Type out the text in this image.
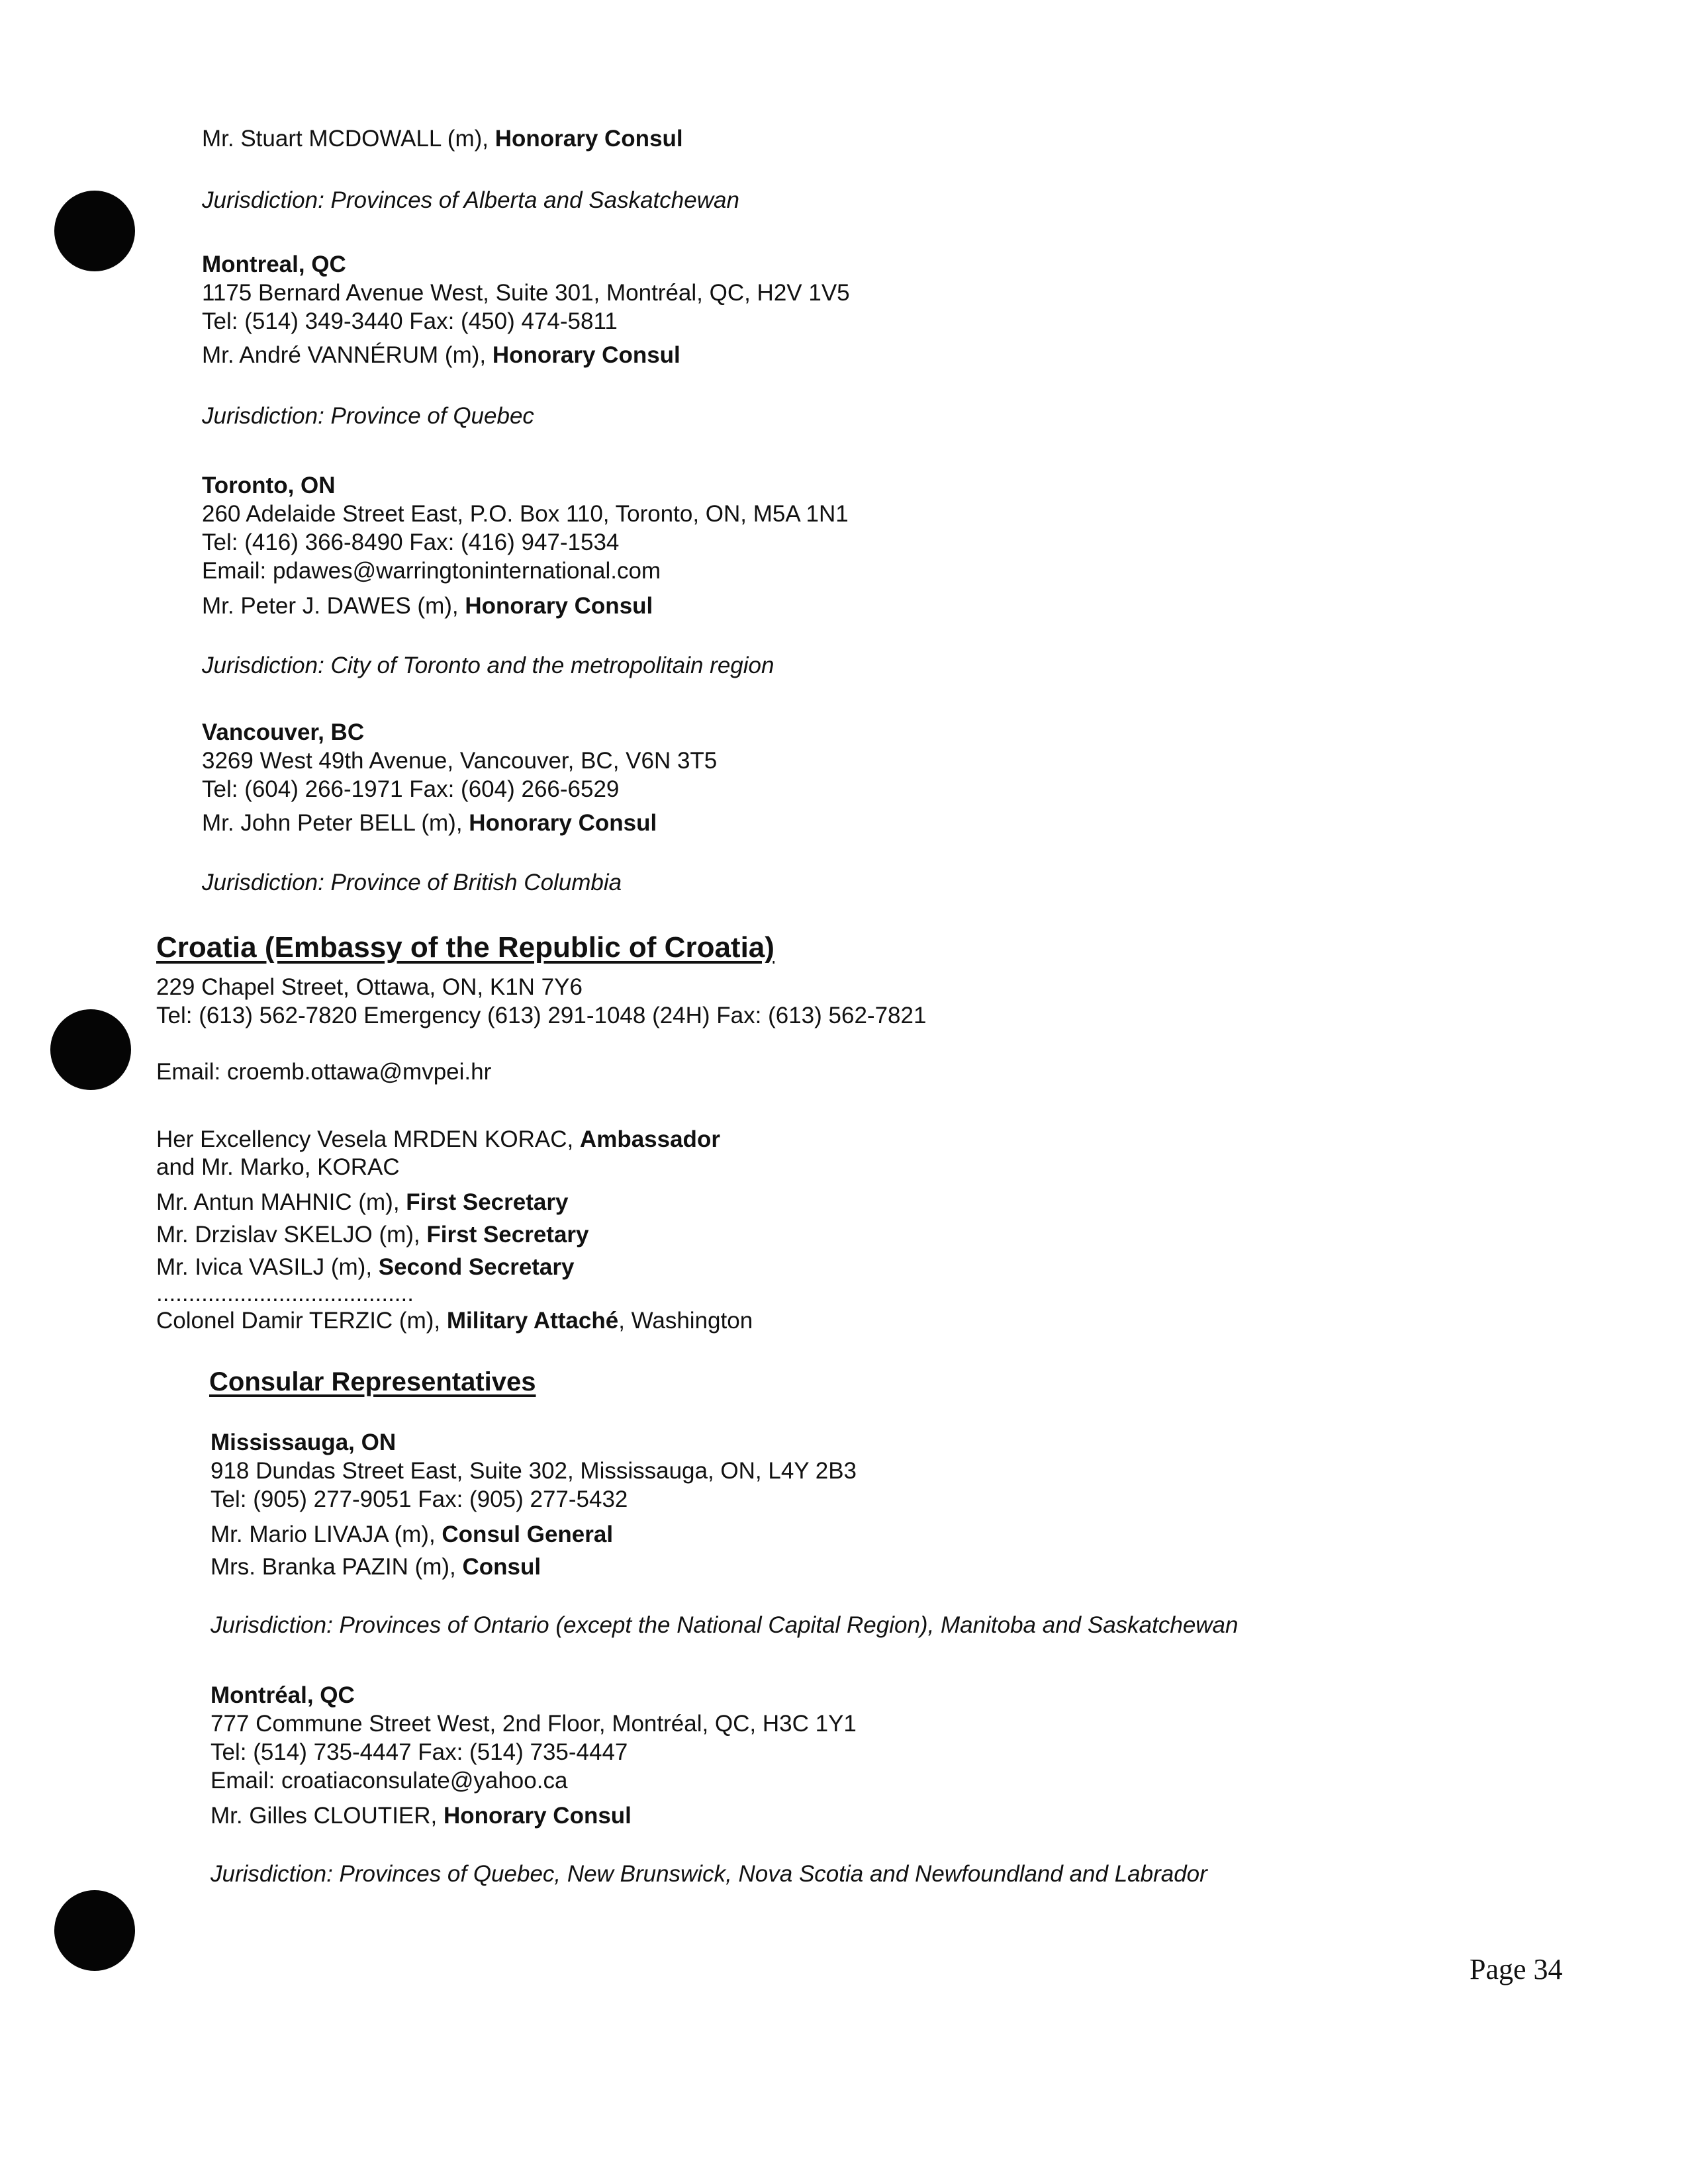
Mr. Stuart MCDOWALL (m), Honorary Consul
Jurisdiction: Provinces of Alberta and Saskatchewan
Montreal, QC
1175 Bernard Avenue West, Suite 301, Montréal, QC, H2V 1V5
Tel: (514) 349-3440 Fax: (450) 474-5811
Mr. André VANNÉRUM (m), Honorary Consul
Jurisdiction: Province of Quebec
Toronto, ON
260 Adelaide Street East, P.O. Box 110, Toronto, ON, M5A 1N1
Tel: (416) 366-8490 Fax: (416) 947-1534
Email: pdawes@warringtoninternational.com
Mr. Peter J. DAWES (m), Honorary Consul
Jurisdiction: City of Toronto and the metropolitain region
Vancouver, BC
3269 West 49th Avenue, Vancouver, BC, V6N 3T5
Tel: (604) 266-1971 Fax: (604) 266-6529
Mr. John Peter BELL (m), Honorary Consul
Jurisdiction: Province of British Columbia
Croatia (Embassy of the Republic of Croatia)
229 Chapel Street, Ottawa, ON, K1N 7Y6
Tel: (613) 562-7820 Emergency (613) 291-1048 (24H) Fax: (613) 562-7821
Email: croemb.ottawa@mvpei.hr
Her Excellency Vesela MRDEN KORAC, Ambassador
and Mr. Marko, KORAC
Mr. Antun MAHNIC (m), First Secretary
Mr. Drzislav SKELJO (m), First Secretary
Mr. Ivica VASILJ (m), Second Secretary
........................................
Colonel Damir TERZIC (m), Military Attaché, Washington
Consular Representatives
Mississauga, ON
918 Dundas Street East, Suite 302, Mississauga, ON, L4Y 2B3
Tel: (905) 277-9051 Fax: (905) 277-5432
Mr. Mario LIVAJA (m), Consul General
Mrs. Branka PAZIN (m), Consul
Jurisdiction: Provinces of Ontario (except the National Capital Region), Manitoba and Saskatchewan
Montréal, QC
777 Commune Street West, 2nd Floor, Montréal, QC, H3C 1Y1
Tel: (514) 735-4447 Fax: (514) 735-4447
Email: croatiaconsulate@yahoo.ca
Mr. Gilles CLOUTIER, Honorary Consul
Jurisdiction: Provinces of Quebec, New Brunswick, Nova Scotia and Newfoundland and Labrador
Page 34
